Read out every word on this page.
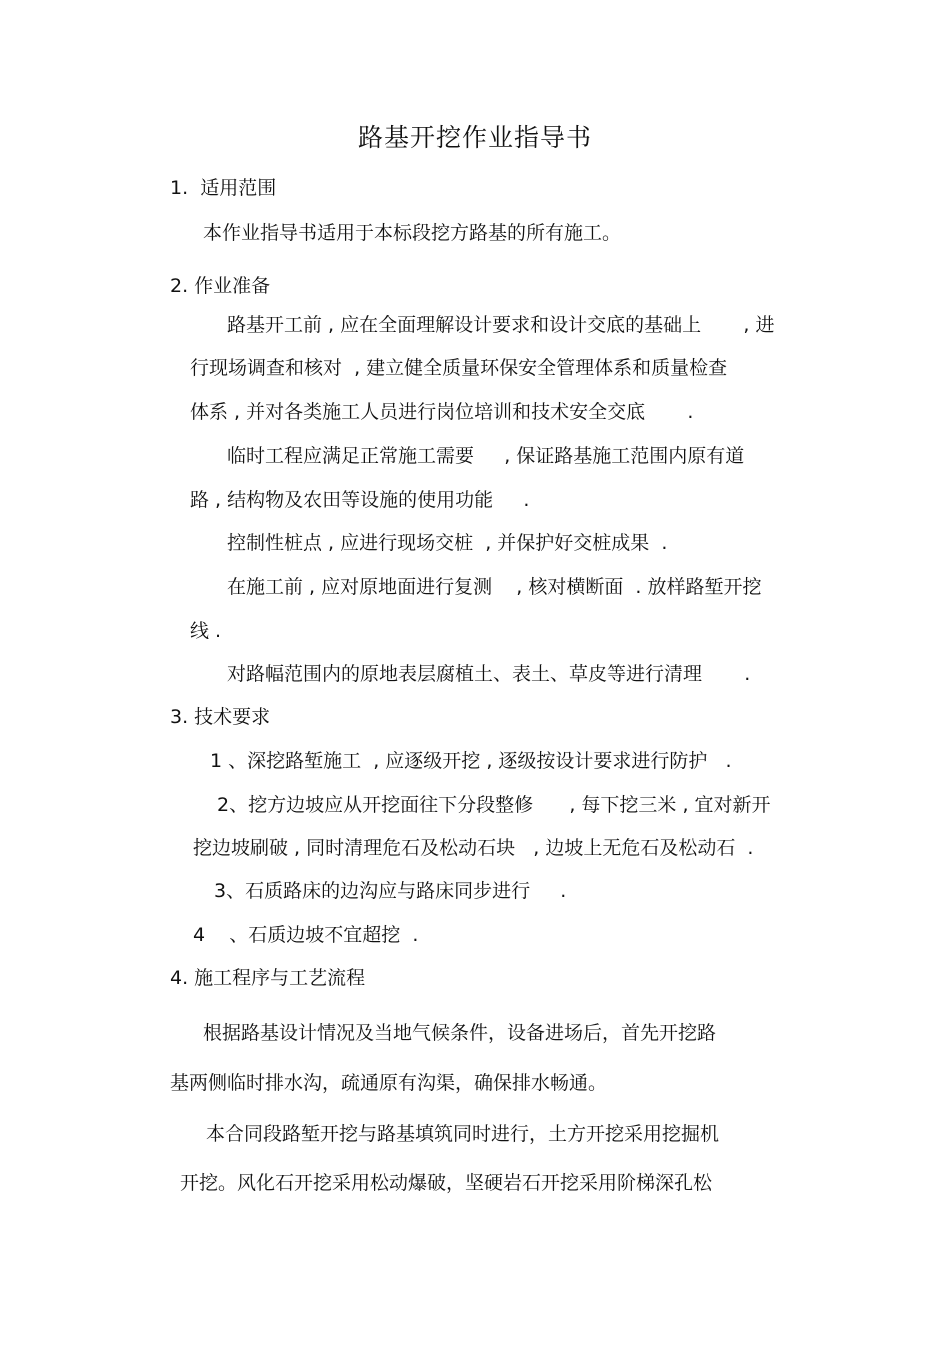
路基开挖作业指导书
1.  适用范围
本作业指导书适用于本标段挖方路基的所有施工。
2. 作业准备
路基开工前 , 应在全面理解设计要求和设计交底的基础上       , 进
行现场调查和核对  , 建立健全质量环保安全管理体系和质量检查
体系 , 并对各类施工人员进行岗位培训和技术安全交底       .
临时工程应满足正常施工需要     , 保证路基施工范围内原有道
路 , 结构物及农田等设施的使用功能     .
控制性桩点 , 应进行现场交桩  , 并保护好交桩成果  .
在施工前 , 应对原地面进行复测    , 核对横断面  . 放样路堑开挖
线 .
对路幅范围内的原地表层腐植土、表土、草皮等进行清理       .
3. 技术要求
1 、深挖路堑施工  , 应逐级开挖 , 逐级按设计要求进行防护   .
2、挖方边坡应从开挖面往下分段整修      , 每下挖三米 , 宜对新开
挖边坡刷破 , 同时清理危石及松动石块   , 边坡上无危石及松动石  .
3、石质路床的边沟应与路床同步进行     .
4    、石质边坡不宜超挖  .
4. 施工程序与工艺流程
根据路基设计情况及当地气候条件，设备进场后，首先开挖路
基两侧临时排水沟，疏通原有沟渠，确保排水畅通。
本合同段路堑开挖与路基填筑同时进行，土方开挖采用挖掘机
开挖。风化石开挖采用松动爆破，坚硬岩石开挖采用阶梯深孔松
